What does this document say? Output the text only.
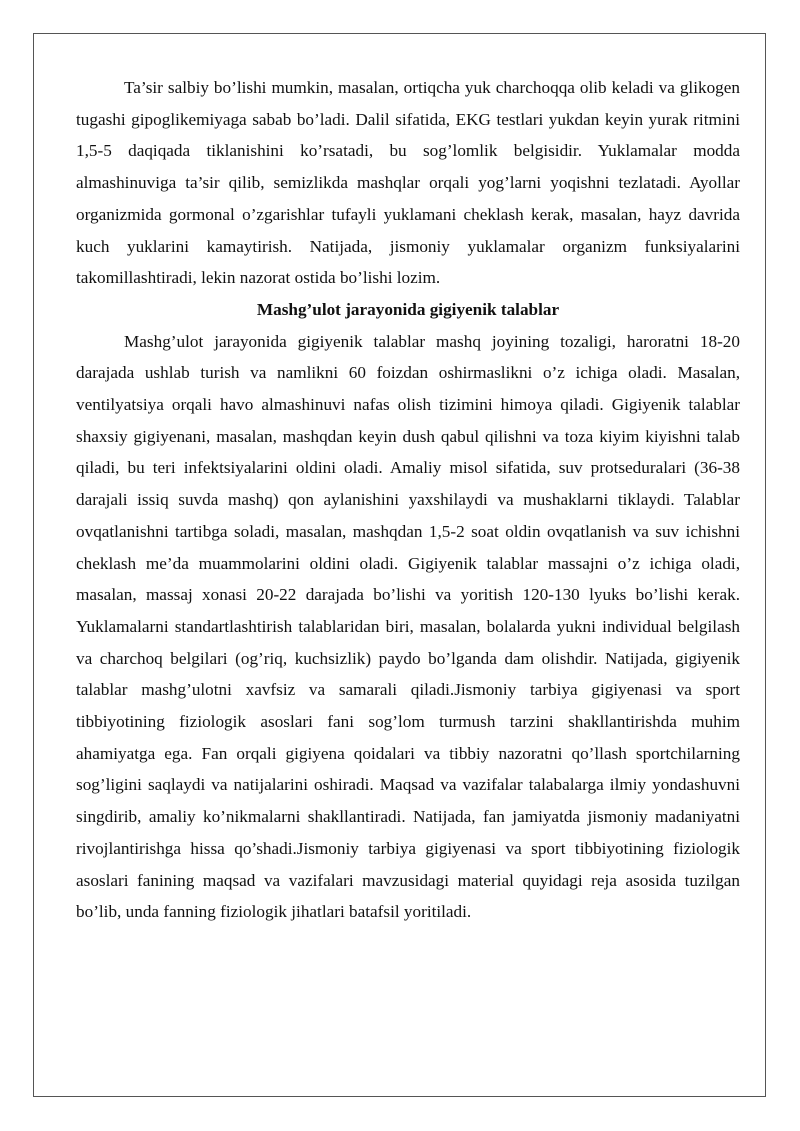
Ta’sir salbiy bo’lishi mumkin, masalan, ortiqcha yuk charchoqqa olib keladi va glikogen tugashi gipoglikemiyaga sabab bo’ladi. Dalil sifatida, EKG testlari yukdan keyin yurak ritmini 1,5-5 daqiqada tiklanishini ko’rsatadi, bu sog’lomlik belgisidir. Yuklamalar modda almashinuviga ta’sir qilib, semizlikda mashqlar orqali yog’larni yoqishni tezlatadi. Ayollar organizmida gormonal o’zgarishlar tufayli yuklamani cheklash kerak, masalan, hayz davrida kuch yuklarini kamaytirish. Natijada, jismoniy yuklamalar organizm funksiyalarini takomillashtiradi, lekin nazorat ostida bo’lishi lozim.

Mashg’ulot jarayonida gigiyenik talablar

Mashg’ulot jarayonida gigiyenik talablar mashq joyining tozaligi, haroratni 18-20 darajada ushlab turish va namlikni 60 foizdan oshirmaslikni o’z ichiga oladi. Masalan, ventilyatsiya orqali havo almashinuvi nafas olish tizimini himoya qiladi. Gigiyenik talablar shaxsiy gigiyenani, masalan, mashqdan keyin dush qabul qilishni va toza kiyim kiyishni talab qiladi, bu teri infektsiyalarini oldini oladi. Amaliy misol sifatida, suv protseduralari (36-38 darajali issiq suvda mashq) qon aylanishini yaxshilaydi va mushaklarni tiklaydi. Talablar ovqatlanishni tartibga soladi, masalan, mashqdan 1,5-2 soat oldin ovqatlanish va suv ichishni cheklash me’da muammolarini oldini oladi. Gigiyenik talablar massajni o’z ichiga oladi, masalan, massaj xonasi 20-22 darajada bo’lishi va yoritish 120-130 lyuks bo’lishi kerak. Yuklamalarni standartlashtirish talablaridan biri, masalan, bolalarda yukni individual belgilash va charchoq belgilari (og’riq, kuchsizlik) paydo bo’lganda dam olishdir. Natijada, gigiyenik talablar mashg’ulotni xavfsiz va samarali qiladi.Jismoniy tarbiya gigiyenasi va sport tibbiyotining fiziologik asoslari fani sog’lom turmush tarzini shakllantirishda muhim ahamiyatga ega. Fan orqali gigiyena qoidalari va tibbiy nazoratni qo’llash sportchilarning sog’ligini saqlaydi va natijalarini oshiradi. Maqsad va vazifalar talabalarga ilmiy yondashuvni singdirib, amaliy ko’nikmalarni shakllantiradi. Natijada, fan jamiyatda jismoniy madaniyatni rivojlantirishga hissa qo’shadi.Jismoniy tarbiya gigiyenasi va sport tibbiyotining fiziologik asoslari fanining maqsad va vazifalari mavzusidagi material quyidagi reja asosida tuzilgan bo’lib, unda fanning fiziologik jihatlari batafsil yoritiladi.
